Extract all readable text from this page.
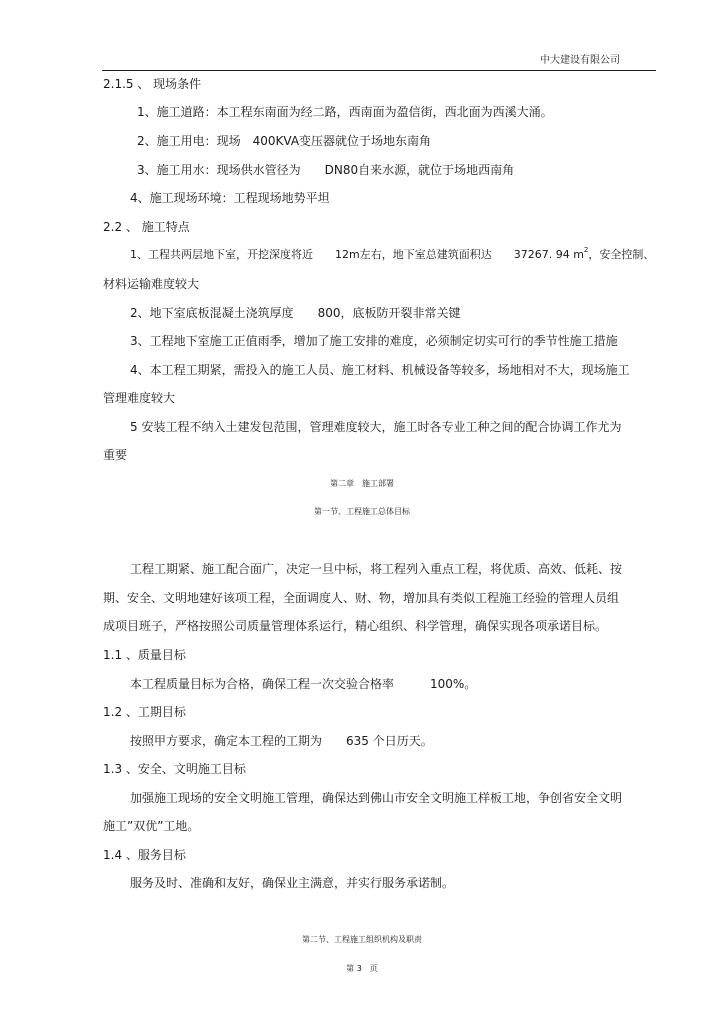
中大建设有限公司
2.1.5 、 现场条件
1、施工道路：本工程东南面为经二路，西南面为盈信街，西北面为西溪大涌。
2、施工用电：现场　400KVA变压器就位于场地东南角
3、施工用水：现场供水管径为　　DN80自来水源，就位于场地西南角
4、施工现场环境：工程现场地势平坦
2.2 、 施工特点
1、工程共两层地下室，开挖深度将近　　12m左右，地下室总建筑面积达　　37267. 94 $m^2$，安全控制、
材料运输难度较大
2、地下室底板混凝土浇筑厚度　　800，底板防开裂非常关键
3、工程地下室施工正值雨季，增加了施工安排的难度，必须制定切实可行的季节性施工措施
4、本工程工期紧，需投入的施工人员、施工材料、机械设备等较多，场地相对不大，现场施工
管理难度较大
5 安装工程不纳入土建发包范围，管理难度较大，施工时各专业工种之间的配合协调工作尤为
重要
第二章　施工部署
第一节、工程施工总体目标
工程工期紧、施工配合面广，决定一旦中标，将工程列入重点工程，将优质、高效、低耗、按
期、安全、文明地建好该项工程，全面调度人、财、物，增加具有类似工程施工经验的管理人员组
成项目班子，严格按照公司质量管理体系运行，精心组织、科学管理，确保实现各项承诺目标。
1.1 、质量目标
本工程质量目标为合格，确保工程一次交验合格率　　　100%。
1.2 、工期目标
按照甲方要求，确定本工程的工期为　　635 个日历天。
1.3 、安全、文明施工目标
加强施工现场的安全文明施工管理，确保达到佛山市安全文明施工样板工地，争创省安全文明
施工”双优”工地。
1.4 、服务目标
服务及时、准确和友好，确保业主满意，并实行服务承诺制。
第二节、工程施工组织机构及职责
第 3　页
